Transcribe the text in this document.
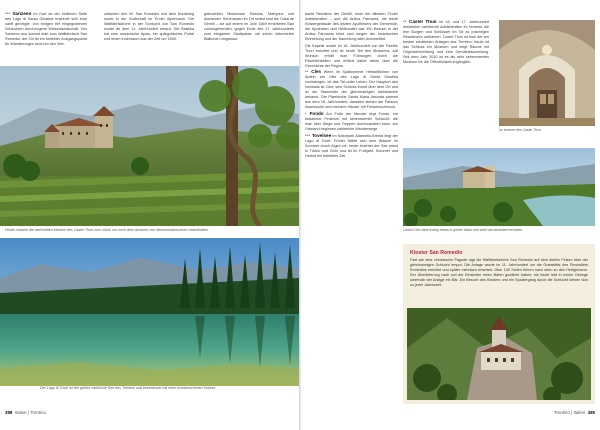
*** Sanzeno Im Dorf an der östlichen Seite des Lago di Santa Giustina erstreckt sich eine sanft geneigte, von einigen tief eingegrabenen Schluchten durchzogene Wiesenlandschaft. Von Sanzeno aus kommt man zum Wallfahrtsort San Romedio; der Ort ist ein beliebter Ausgangspunkt für Wanderungen rund um den See.

zwischen den hll. San Romedio und dem Nonsberg sowie in der Grafschaft im Tiroler Alpenraum. Die Wallfahrtskirche in der Schlucht von San Romedio wurde ab dem 11. Jahrhundert erbaut. Die Basilika hat eine romanische Apsis, ein spätgotisches Portal und einen Innenraum aus der Zeit um 1500.

gebrachten Missionare Sisinius, Martyrius und Alexander. Sehenswert im Ort selbst sind die Casa de Gentili – sie auf einem im Jahr 1569 errichteten Bau zurückgehenden, gegen Ende des 17. Jahrhunderts zum eleganten Stadtpalais mit schön dekorierten Balkonen umgebaut.

Heute müssen die wehrhaften Mauern des Castel Thun zum Glück nur noch dem Ansturm von Museumsbesuchern standhalten.
Der Lago di Tovel ist der größte natürliche See des Trentino und beeindruckt mit einer wunderschönen Kulisse.
388 Italien | Trentino

baute Residenz der Gentili, einer der ältesten Tiroler Adelsfamilien – und die Antica Farmacia, die letzte Klöstergebäude des letzten Apothekers der Gemeinde, der Apotheker und Heilkundler war. Ein Besuch in der Antica Farmacia lohnt sich wegen der historischen Einrichtung und der Sammlung alter Arzneimittel.

Die Kapelle wurde im 16. Jahrhundert von der Familie Thun errichtet und ist heute Teil des Museums. Auf Wunsch erhält man Führungen durch die Räumlichkeiten und erfährt dabei vieles über die Geschichte der Region.

** Cles Wenn im Spätsommer Hektarflächen von Äpfeln am Ufer des Lago di Santa Giustina hochsteigen, ist das Tal voller Leben. Der Hauptort des Nonstals ist Cles; sein Schloss thront über dem Ort und ist als Stammsitz der gleichnamigen Adelsfamilie bekannt. Die Pfarrkirche Santa Maria Assunta stammt aus dem 16. Jahrhundert, daneben stehen der Palazzo Assessorile und mehrere Häuser mit Freskenschmuck.

* Fondo Am Fuße der Mendel liegt Fondo, ein bekannter Ferienort mit sehenswerter Schlucht, die man über Stege und Treppen durchwandern kann. Am Ortsrand beginnen zahlreiche Wanderwege.

*** Tovelsee Im Naturpark Adamello-Brenta liegt der Lago di Tovel. Früher färbte sich sein Wasser im Sommer durch Algen rot; heute leuchtet der See meist in Türkis und Grün und ist im Frühjahr, Sommer und Herbst ein beliebtes Ziel.

** Castel Thun Im 16. und 17. Jahrhundert residierten zahlreiche Adelsfamilien im Nonstal, die ihre Burgen und Schlösser im Tal zu prächtigen Residenzen umbauten. Castel Thun ist eine der am besten erhaltenen Anlagen des Trentino; heute ist das Schloss ein Museum und zeigt Räume mit Originaleinrichtung und eine Gemäldesammlung. Seit dem Jahr 2010 ist es als sehr sehenswertes Museum für die Öffentlichkeit zugänglich.

Im Inneren des Castel Thun
Castel Cles steht trutzig etwas in grüner Natur und wirkt wie bezaubert erhaben.
Kloster San Romedio
Fast wie eine chinesische Pagode ragt die Wallfahrtskirche San Romedio auf dem steilen Felsen über der gleichnamigen Schlucht empor. Die Anlage wurde im 11. Jahrhundert um die Grabstätte des Einsiedlers Romedius errichtet und später mehrfach erweitert. Über 130 Stufen führen nach oben zu den Heiligtümern. Der Überlieferung nach soll der Einsiedler einen Bären gezähmt haben; bis heute lebt in einem Gehege unterhalb der Anlage ein Bär. Ein Besuch des Klosters und ein Spaziergang durch die Schlucht lohnen sich zu jeder Jahreszeit.
Trentino | Italien 389
